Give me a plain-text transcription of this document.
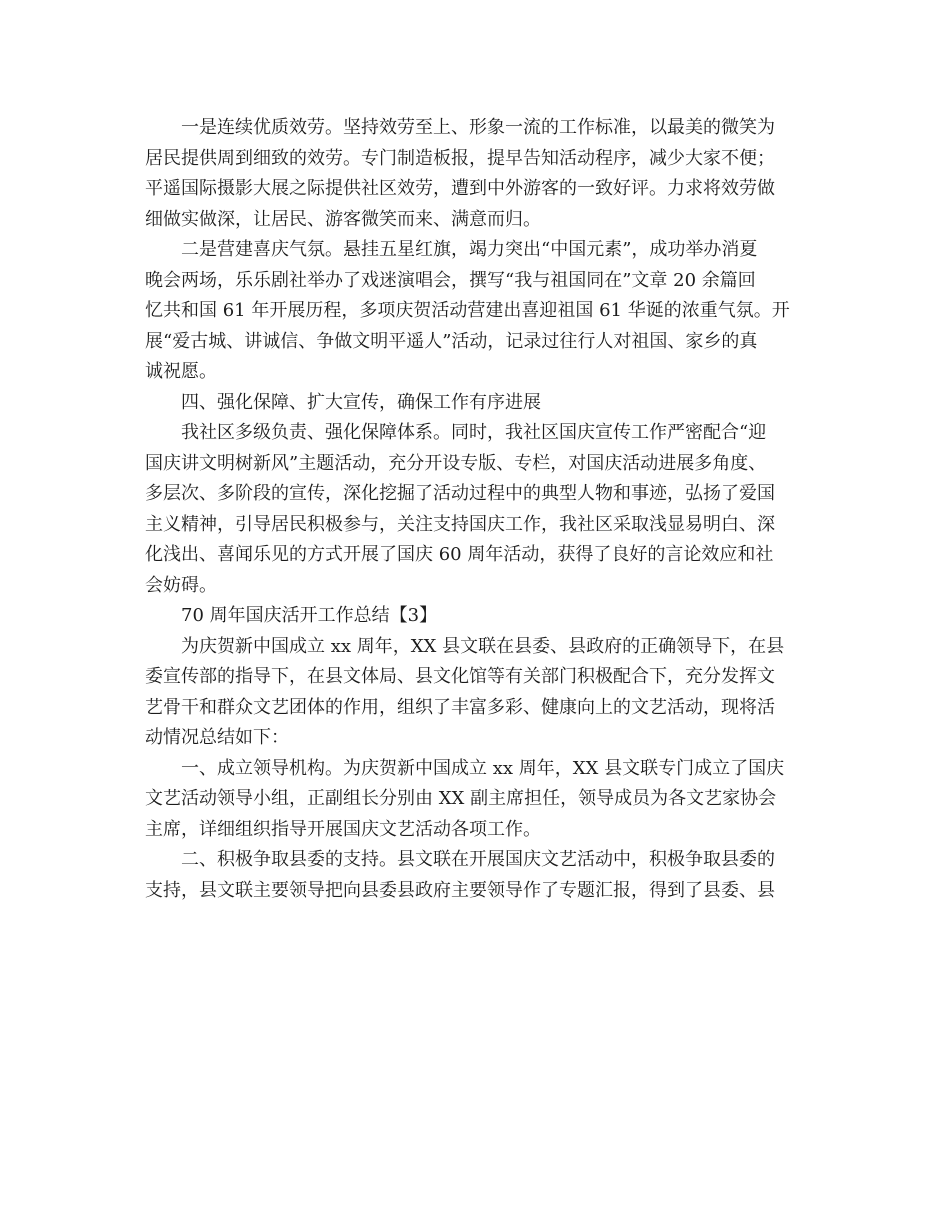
一是连续优质效劳。坚持效劳至上、形象一流的工作标准，以最美的微笑为
居民提供周到细致的效劳。专门制造板报，提早告知活动程序，减少大家不便；
平遥国际摄影大展之际提供社区效劳，遭到中外游客的一致好评。力求将效劳做
细做实做深，让居民、游客微笑而来、满意而归。

二是营建喜庆气氛。悬挂五星红旗，竭力突出“中国元素”，成功举办消夏
晚会两场，乐乐剧社举办了戏迷演唱会，撰写“我与祖国同在”文章 20 余篇回
忆共和国 61 年开展历程，多项庆贺活动营建出喜迎祖国 61 华诞的浓重气氛。开
展“爱古城、讲诚信、争做文明平遥人”活动，记录过往行人对祖国、家乡的真
诚祝愿。

四、强化保障、扩大宣传，确保工作有序进展

我社区多级负责、强化保障体系。同时，我社区国庆宣传工作严密配合“迎
国庆讲文明树新风”主题活动，充分开设专版、专栏，对国庆活动进展多角度、
多层次、多阶段的宣传，深化挖掘了活动过程中的典型人物和事迹，弘扬了爱国
主义精神，引导居民积极参与，关注支持国庆工作，我社区采取浅显易明白、深
化浅出、喜闻乐见的方式开展了国庆 60 周年活动，获得了良好的言论效应和社
会妨碍。

70 周年国庆活开工作总结【3】

为庆贺新中国成立 xx 周年，XX 县文联在县委、县政府的正确领导下，在县
委宣传部的指导下，在县文体局、县文化馆等有关部门积极配合下，充分发挥文
艺骨干和群众文艺团体的作用，组织了丰富多彩、健康向上的文艺活动，现将活
动情况总结如下：

一、成立领导机构。为庆贺新中国成立 xx 周年，XX 县文联专门成立了国庆
文艺活动领导小组，正副组长分别由 XX 副主席担任，领导成员为各文艺家协会
主席，详细组织指导开展国庆文艺活动各项工作。

二、积极争取县委的支持。县文联在开展国庆文艺活动中，积极争取县委的
支持，县文联主要领导把向县委县政府主要领导作了专题汇报，得到了县委、县
